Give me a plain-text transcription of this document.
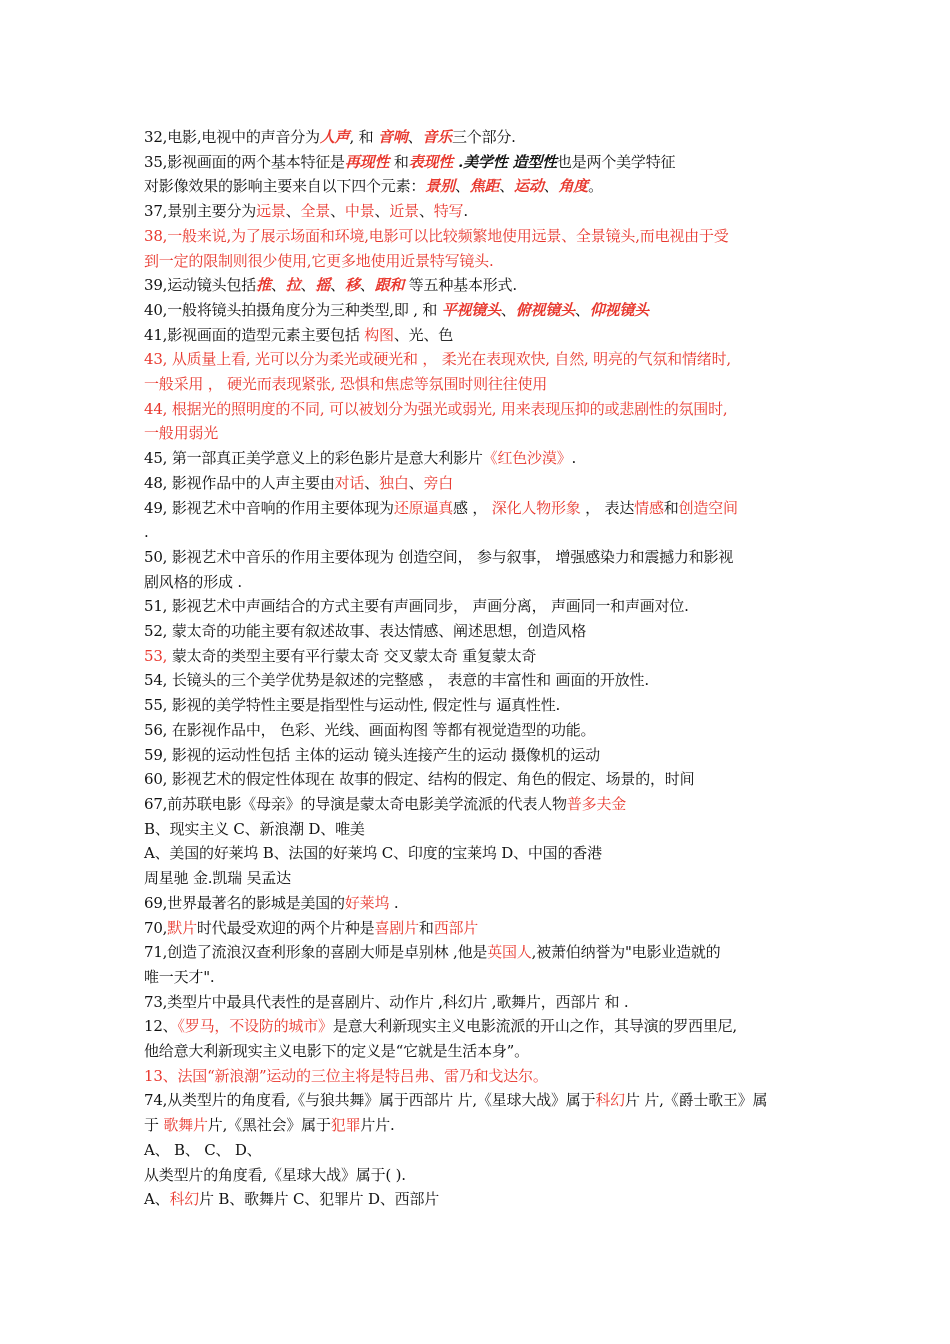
32,电影,电视中的声音分为人声, 和 音响、音乐三个部分.
35,影视画面的两个基本特征是再现性 和表现性 .美学性 造型性也是两个美学特征
对影像效果的影响主要来自以下四个元素：景别、焦距、运动、角度。
37,景别主要分为远景、全景、中景、近景、特写.
38,一般来说,为了展示场面和环境,电影可以比较频繁地使用远景、全景镜头,而电视由于受
到一定的限制则很少使用,它更多地使用近景特写镜头.
39,运动镜头包括推、拉、摇、移、跟和 等五种基本形式.
40,一般将镜头拍摄角度分为三种类型,即 , 和 平视镜头、俯视镜头、仰视镜头
41,影视画面的造型元素主要包括 构图、光、色
43, 从质量上看, 光可以分为柔光或硬光和 ， 柔光在表现欢快, 自然, 明亮的气氛和情绪时,
一般采用 ， 硬光而表现紧张, 恐惧和焦虑等氛围时则往往使用
44, 根据光的照明度的不同, 可以被划分为强光或弱光, 用来表现压抑的或悲剧性的氛围时,
一般用弱光
45, 第一部真正美学意义上的彩色影片是意大利影片《红色沙漠》.
48, 影视作品中的人声主要由对话、独白、旁白
49, 影视艺术中音响的作用主要体现为还原逼真感 ， 深化人物形象 ， 表达情感和创造空间
.
50, 影视艺术中音乐的作用主要体现为 创造空间， 参与叙事， 增强感染力和震撼力和影视
剧风格的形成 .
51, 影视艺术中声画结合的方式主要有声画同步， 声画分离， 声画同一和声画对位.
52, 蒙太奇的功能主要有叙述故事、表达情感、阐述思想，创造风格
53, 蒙太奇的类型主要有平行蒙太奇 交叉蒙太奇 重复蒙太奇
54, 长镜头的三个美学优势是叙述的完整感 ， 表意的丰富性和 画面的开放性.
55, 影视的美学特性主要是指型性与运动性, 假定性与 逼真性性.
56, 在影视作品中， 色彩、光线、画面构图 等都有视觉造型的功能。
59, 影视的运动性包括 主体的运动 镜头连接产生的运动 摄像机的运动
60, 影视艺术的假定性体现在 故事的假定、结构的假定、角色的假定、场景的，时间
67,前苏联电影《母亲》的导演是蒙太奇电影美学流派的代表人物普多夫金
B、现实主义 C、新浪潮 D、唯美
A、美国的好莱坞 B、法国的好莱坞 C、印度的宝莱坞 D、中国的香港
周星驰 金.凯瑞 吴孟达
69,世界最著名的影城是美国的好莱坞 .
70,默片时代最受欢迎的两个片种是喜剧片和西部片
71,创造了流浪汉查利形象的喜剧大师是卓别林 ,他是英国人,被萧伯纳誉为"电影业造就的
唯一天才".
73,类型片中最具代表性的是喜剧片、动作片 ,科幻片 ,歌舞片，西部片 和 .
12、《罗马，不设防的城市》是意大利新现实主义电影流派的开山之作，其导演的罗西里尼,
他给意大利新现实主义电影下的定义是“它就是生活本身”。
13、法国“新浪潮”运动的三位主将是特吕弗、雷乃和戈达尔。
74,从类型片的角度看,《与狼共舞》属于西部片 片,《星球大战》属于科幻片 片,《爵士歌王》属
于 歌舞片片,《黑社会》属于犯罪片片.
A、 B、 C、 D、
从类型片的角度看,《星球大战》属于( ).
A、科幻片 B、歌舞片 C、犯罪片 D、西部片
